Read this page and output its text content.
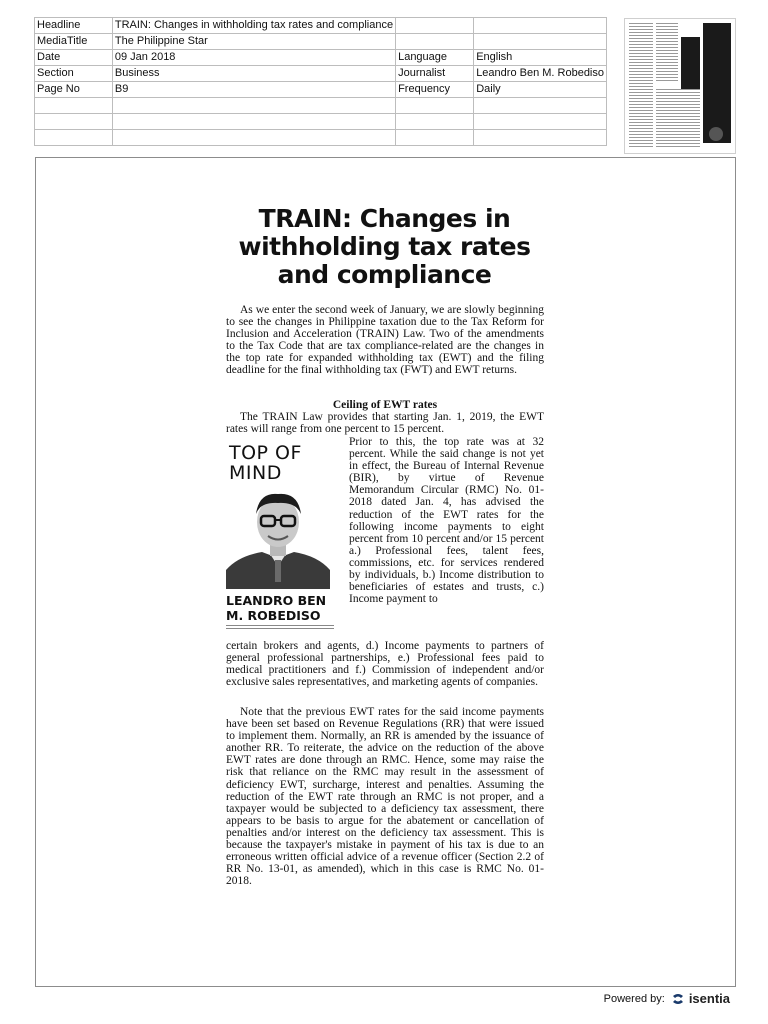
Headline	TRAIN: Changes in withholding tax rates and compliance		
MediaTitle	The Philippine Star		
Date	09 Jan 2018	Language	English
Section	Business	Journalist	Leandro Ben M. Robediso
Page No	B9	Frequency	Daily

TRAIN: Changes in withholding tax rates and compliance
As we enter the second week of January, we are slowly beginning to see the changes in Philippine taxation due to the Tax Reform for Inclusion and Acceleration (TRAIN) Law. Two of the amendments to the Tax Code that are tax compliance-related are the changes in the top rate for expanded withholding tax (EWT) and the filing deadline for the final withholding tax (FWT) and EWT returns.
Ceiling of EWT rates
The TRAIN Law provides that starting Jan. 1, 2019, the EWT rates will range from one percent to 15 percent.
TOP OF MIND
LEANDRO BEN M. ROBEDISO
Prior to this, the top rate was at 32 percent. While the said change is not yet in effect, the Bureau of Internal Revenue (BIR), by virtue of Revenue Memorandum Circular (RMC) No. 01-2018 dated Jan. 4, has advised the reduction of the EWT rates for the following income payments to eight percent from 10 percent and/or 15 percent a.) Professional fees, talent fees, commissions, etc. for services rendered by individuals, b.) Income distribution to beneficiaries of estates and trusts, c.) Income payment to
certain brokers and agents, d.) Income payments to partners of general professional partnerships, e.) Professional fees paid to medical practitioners and f.) Commission of independent and/or exclusive sales representatives, and marketing agents of companies.
Note that the previous EWT rates for the said income payments have been set based on Revenue Regulations (RR) that were issued to implement them. Normally, an RR is amended by the issuance of another RR. To reiterate, the advice on the reduction of the above EWT rates are done through an RMC. Hence, some may raise the risk that reliance on the RMC may result in the assessment of deficiency EWT, surcharge, interest and penalties. Assuming the reduction of the EWT rate through an RMC is not proper, and a taxpayer would be subjected to a deficiency tax assessment, there appears to be basis to argue for the abatement or cancellation of penalties and/or interest on the deficiency tax assessment. This is because the taxpayer's mistake in payment of his tax is due to an erroneous written official advice of a revenue officer (Section 2.2 of RR No. 13-01, as amended), which in this case is RMC No. 01-2018.
Powered by: isentia
